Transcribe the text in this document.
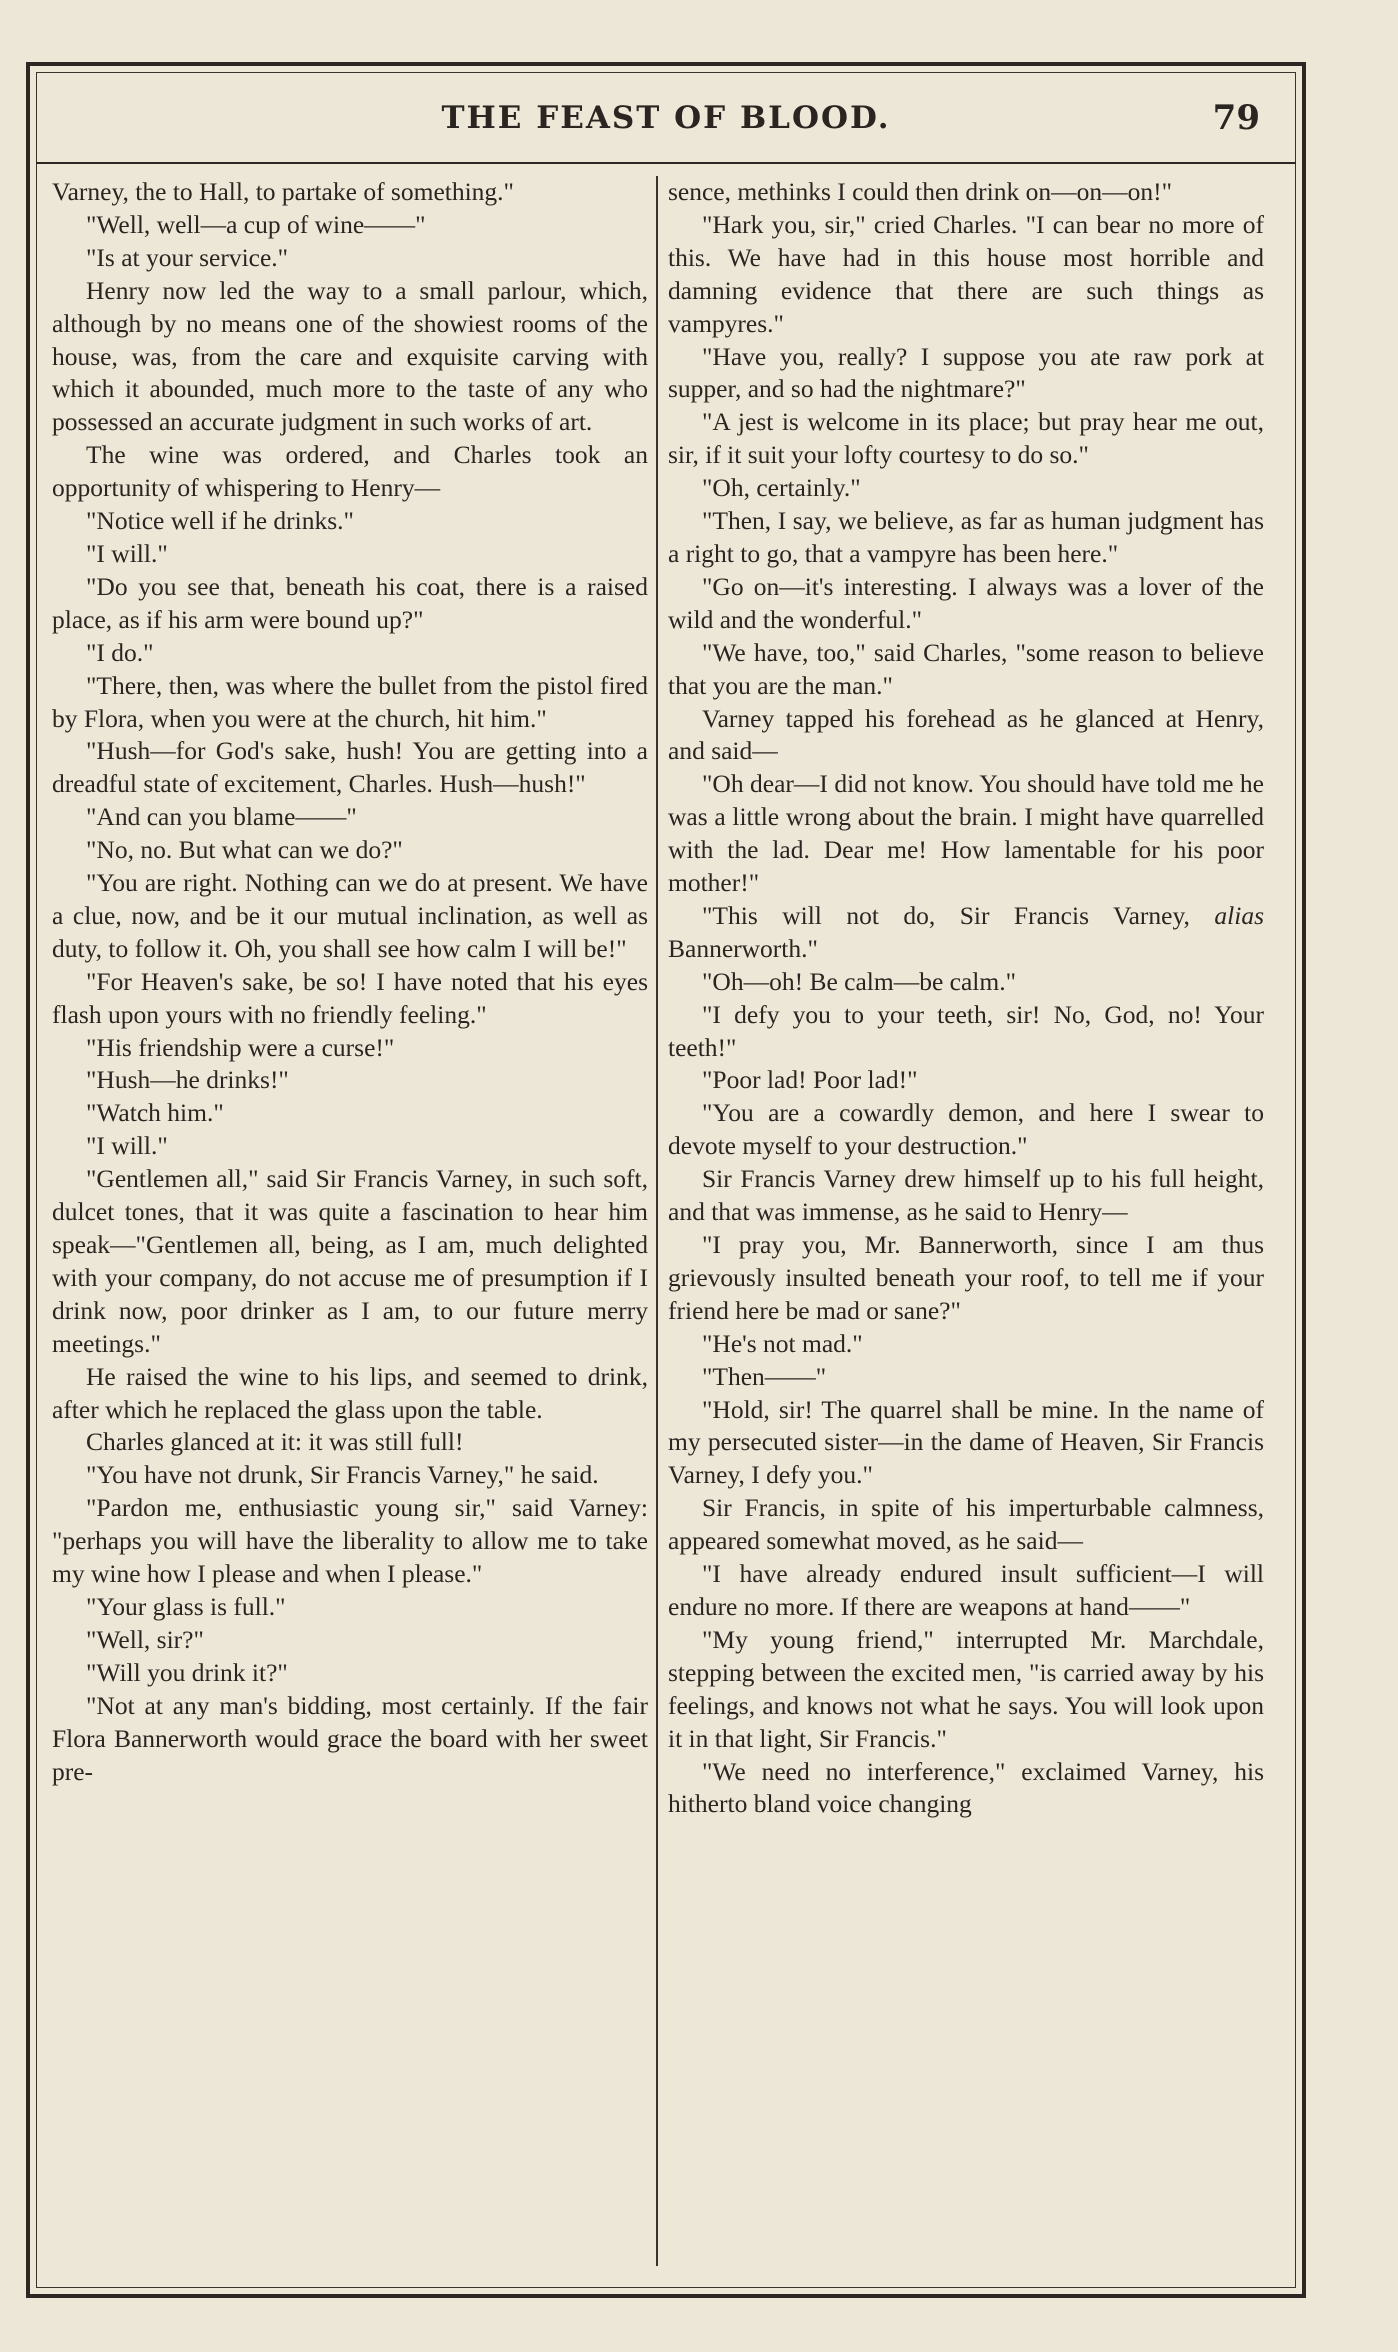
THE FEAST OF BLOOD.	79

Varney, the to Hall, to partake of something."

"Well, well—a cup of wine——"

"Is at your service."

Henry now led the way to a small parlour, which, although by no means one of the showiest rooms of the house, was, from the care and exquisite carving with which it abounded, much more to the taste of any who possessed an accurate judgment in such works of art.

The wine was ordered, and Charles took an opportunity of whispering to Henry—

"Notice well if he drinks."

"I will."

"Do you see that, beneath his coat, there is a raised place, as if his arm were bound up?"

"I do."

"There, then, was where the bullet from the pistol fired by Flora, when you were at the church, hit him."

"Hush—for God's sake, hush! You are getting into a dreadful state of excitement, Charles. Hush—hush!"

"And can you blame——"

"No, no. But what can we do?"

"You are right. Nothing can we do at present. We have a clue, now, and be it our mutual inclination, as well as duty, to follow it. Oh, you shall see how calm I will be!"

"For Heaven's sake, be so! I have noted that his eyes flash upon yours with no friendly feeling."

"His friendship were a curse!"

"Hush—he drinks!"

"Watch him."

"I will."

"Gentlemen all," said Sir Francis Varney, in such soft, dulcet tones, that it was quite a fascination to hear him speak—"Gentlemen all, being, as I am, much delighted with your company, do not accuse me of presumption if I drink now, poor drinker as I am, to our future merry meetings."

He raised the wine to his lips, and seemed to drink, after which he replaced the glass upon the table.

Charles glanced at it: it was still full!

"You have not drunk, Sir Francis Varney," he said.

"Pardon me, enthusiastic young sir," said Varney: "perhaps you will have the liberality to allow me to take my wine how I please and when I please."

"Your glass is full."

"Well, sir?"

"Will you drink it?"

"Not at any man's bidding, most certainly. If the fair Flora Bannerworth would grace the board with her sweet pre-

sence, methinks I could then drink on—on—on!"

"Hark you, sir," cried Charles. "I can bear no more of this. We have had in this house most horrible and damning evidence that there are such things as vampyres."

"Have you, really? I suppose you ate raw pork at supper, and so had the nightmare?"

"A jest is welcome in its place; but pray hear me out, sir, if it suit your lofty courtesy to do so."

"Oh, certainly."

"Then, I say, we believe, as far as human judgment has a right to go, that a vampyre has been here."

"Go on—it's interesting. I always was a lover of the wild and the wonderful."

"We have, too," said Charles, "some reason to believe that you are the man."

Varney tapped his forehead as he glanced at Henry, and said—

"Oh dear—I did not know. You should have told me he was a little wrong about the brain. I might have quarrelled with the lad. Dear me! How lamentable for his poor mother!"

"This will not do, Sir Francis Varney, alias Bannerworth."

"Oh—oh! Be calm—be calm."

"I defy you to your teeth, sir! No, God, no! Your teeth!"

"Poor lad! Poor lad!"

"You are a cowardly demon, and here I swear to devote myself to your destruction."

Sir Francis Varney drew himself up to his full height, and that was immense, as he said to Henry—

"I pray you, Mr. Bannerworth, since I am thus grievously insulted beneath your roof, to tell me if your friend here be mad or sane?"

"He's not mad."

"Then——"

"Hold, sir! The quarrel shall be mine. In the name of my persecuted sister—in the dame of Heaven, Sir Francis Varney, I defy you."

Sir Francis, in spite of his imperturbable calmness, appeared somewhat moved, as he said—

"I have already endured insult sufficient—I will endure no more. If there are weapons at hand——"

"My young friend," interrupted Mr. Marchdale, stepping between the excited men, "is carried away by his feelings, and knows not what he says. You will look upon it in that light, Sir Francis."

"We need no interference," exclaimed Varney, his hitherto bland voice changing
